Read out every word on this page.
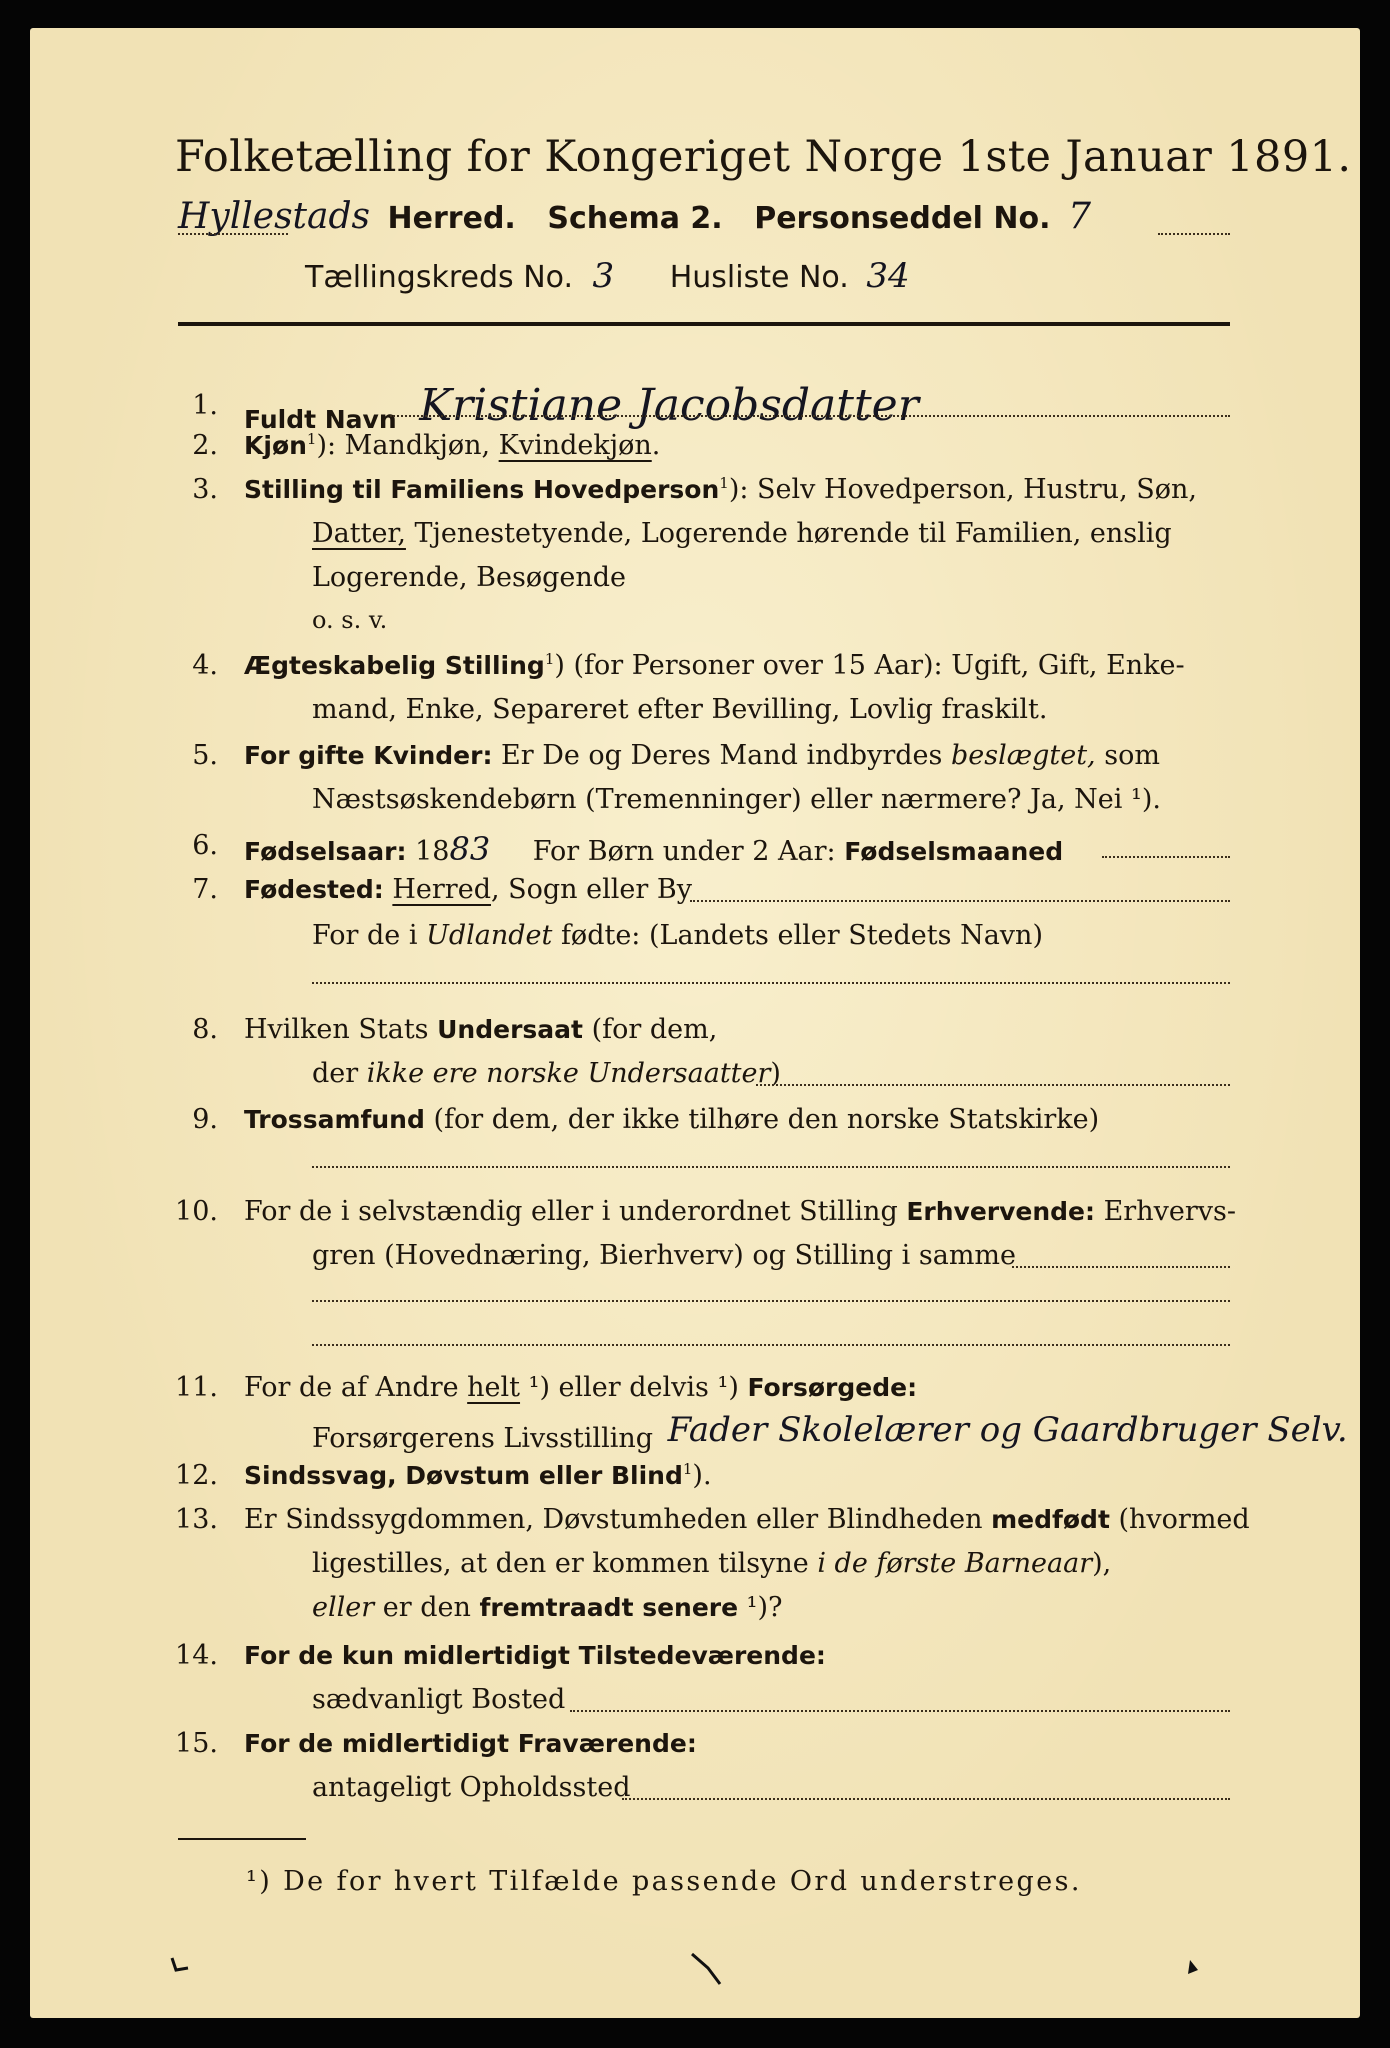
Folketælling for Kongeriget Norge 1ste Januar 1891.
Hyllestads Herred. Schema 2. Personseddel No. 7
Tællingskreds No. 3 Husliste No. 34
1. Fuldt Navn Kristiane Jacobsdatter
2. Kjøn$^1$): Mandkjøn, Kvindekjøn.
3. Stilling til Familiens Hovedperson$^1$): Selv Hovedperson, Hustru, Søn,
Datter, Tjenestetyende, Logerende hørende til Familien, enslig
Logerende, Besøgende
o. s. v.
4. Ægteskabelig Stilling$^1$) (for Personer over 15 Aar): Ugift, Gift, Enke-
mand, Enke, Separeret efter Bevilling, Lovlig fraskilt.
5. For gifte Kvinder: Er De og Deres Mand indbyrdes beslægtet, som
Næstsøskendebørn (Tremenninger) eller nærmere? Ja, Nei ¹).
6. Fødselsaar: 1883 For Børn under 2 Aar: Fødselsmaaned
7. Fødested: Herred, Sogn eller By
For de i Udlandet fødte: (Landets eller Stedets Navn)
8. Hvilken Stats Undersaat (for dem,
der ikke ere norske Undersaatter)
9. Trossamfund (for dem, der ikke tilhøre den norske Statskirke)
10. For de i selvstændig eller i underordnet Stilling Erhvervende: Erhvervs-
gren (Hovednæring, Bierhverv) og Stilling i samme
11. For de af Andre helt ¹) eller delvis ¹) Forsørgede:
Forsørgerens Livsstilling Fader Skolelærer og Gaardbruger Selv.
12. Sindssvag, Døvstum eller Blind$^1$).
13. Er Sindssygdommen, Døvstumheden eller Blindheden medfødt (hvormed
ligestilles, at den er kommen tilsyne i de første Barneaar),
eller er den fremtraadt senere ¹)?
14. For de kun midlertidigt Tilstedeværende:
sædvanligt Bosted
15. For de midlertidigt Fraværende:
antageligt Opholdssted
¹) De for hvert Tilfælde passende Ord understreges.
